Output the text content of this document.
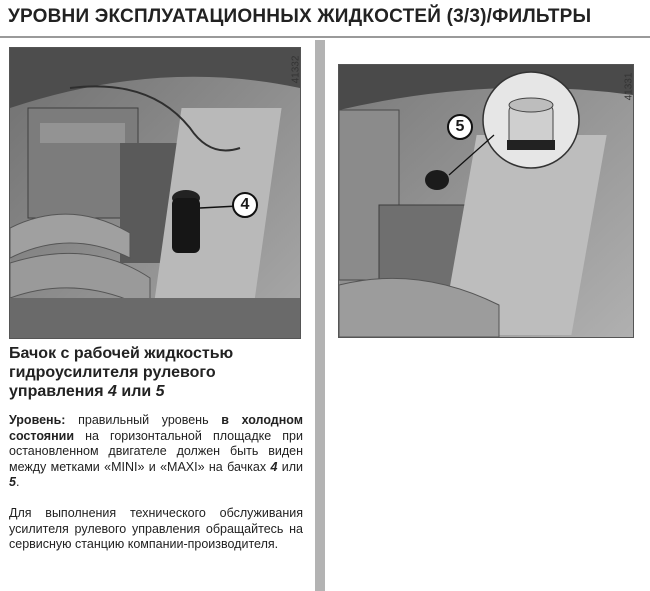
УРОВНИ ЭКСПЛУАТАЦИОННЫХ ЖИДКОСТЕЙ (3/3)/ФИЛЬТРЫ
41332
4
41331
5
Бачок с рабочей жидкостью
гидроусилителя рулевого
управления 4 или 5

Уровень: правильный уровень в холодном состоянии на горизонтальной площадке при остановленном двигателе должен быть виден между метками «MINI» и «MAXI» на бачках 4 или 5.

Для выполнения технического обслуживания усилителя рулевого управления обращайтесь на сервисную станцию компании-производителя.
